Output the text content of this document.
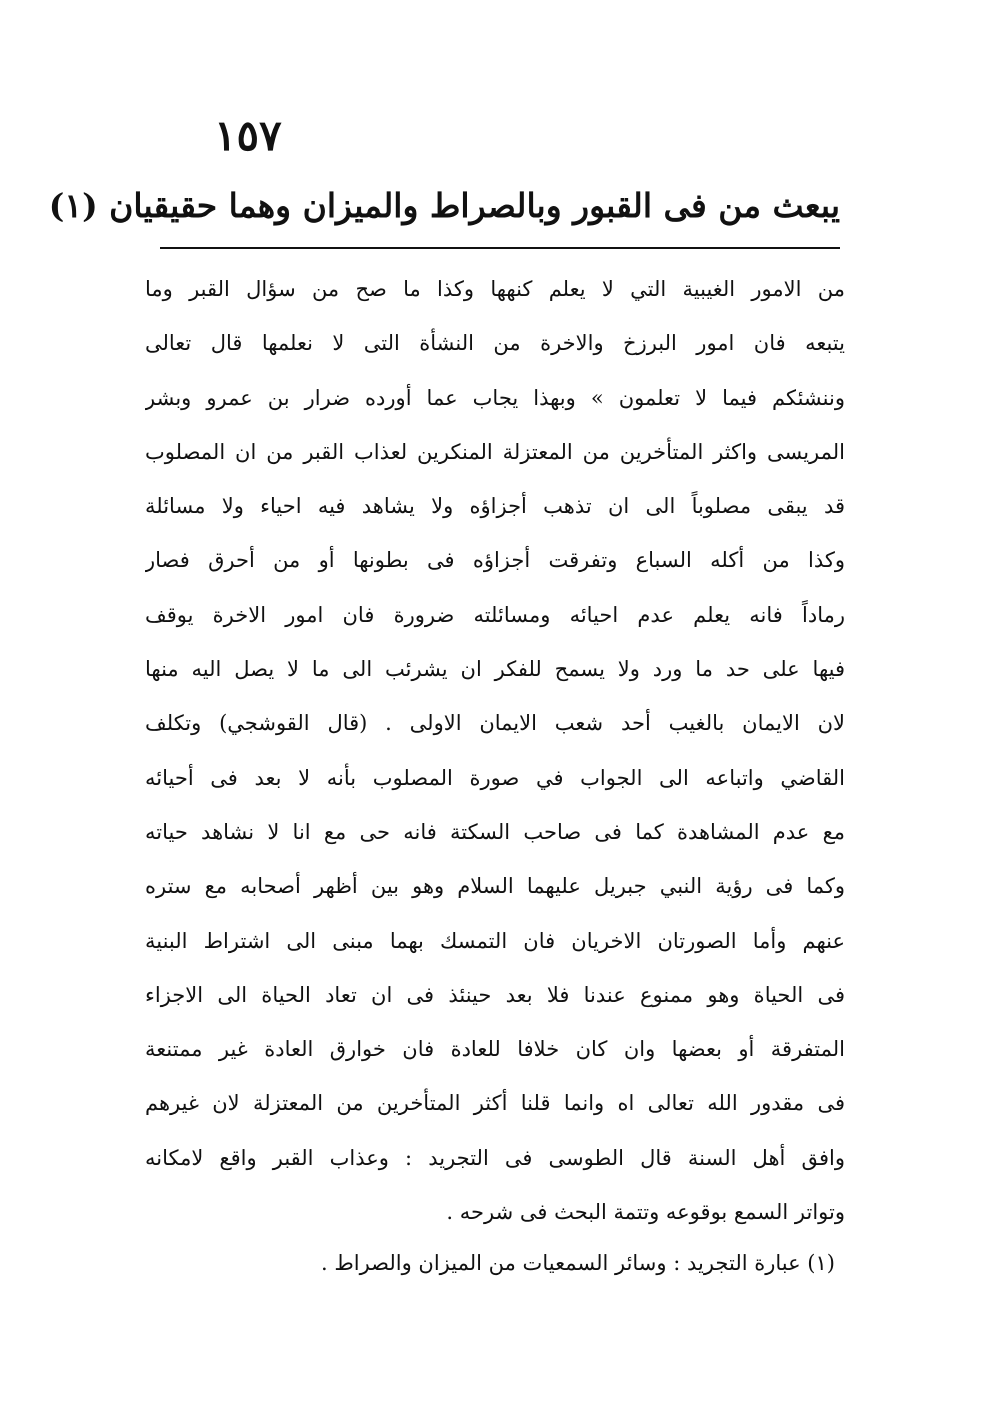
١٥٧
يبعث من فى القبور وبالصراط والميزان وهما حقيقيان (١)
من الامور الغيبية التي لا يعلم كنهها وكذا ما صح من سؤال القبر وما
يتبعه فان امور البرزخ والاخرة من النشأة التى لا نعلمها قال تعالى
وننشئكم فيما لا تعلمون » وبهذا يجاب عما أورده ضرار بن عمرو وبشر
المريسى واكثر المتأخرين من المعتزلة المنكرين لعذاب القبر من ان المصلوب
قد يبقى مصلوباً الى ان تذهب أجزاؤه ولا يشاهد فيه احياء ولا مسائلة
وكذا من أكله السباع وتفرقت أجزاؤه فى بطونها أو من أحرق فصار
رماداً فانه يعلم عدم احيائه ومسائلته ضرورة فان امور الاخرة يوقف
فيها على حد ما ورد ولا يسمح للفكر ان يشرئب الى ما لا يصل اليه منها
لان الايمان بالغيب أحد شعب الايمان الاولى . (قال القوشجي) وتكلف
القاضي واتباعه الى الجواب في صورة المصلوب بأنه لا بعد فى أحيائه
مع عدم المشاهدة كما فى صاحب السكتة فانه حى مع انا لا نشاهد حياته
وكما فى رؤية النبي جبريل عليهما السلام وهو بين أظهر أصحابه مع ستره
عنهم وأما الصورتان الاخريان فان التمسك بهما مبنى الى اشتراط البنية
فى الحياة وهو ممنوع عندنا فلا بعد حينئذ فى ان تعاد الحياة الى الاجزاء
المتفرقة أو بعضها وان كان خلافا للعادة فان خوارق العادة غير ممتنعة
فى مقدور الله تعالى اه وانما قلنا أكثر المتأخرين من المعتزلة لان غيرهم
وافق أهل السنة قال الطوسى فى التجريد : وعذاب القبر واقع لامكانه
وتواتر السمع بوقوعه وتتمة البحث فى شرحه .
(١) عبارة التجريد : وسائر السمعيات من الميزان والصراط .
